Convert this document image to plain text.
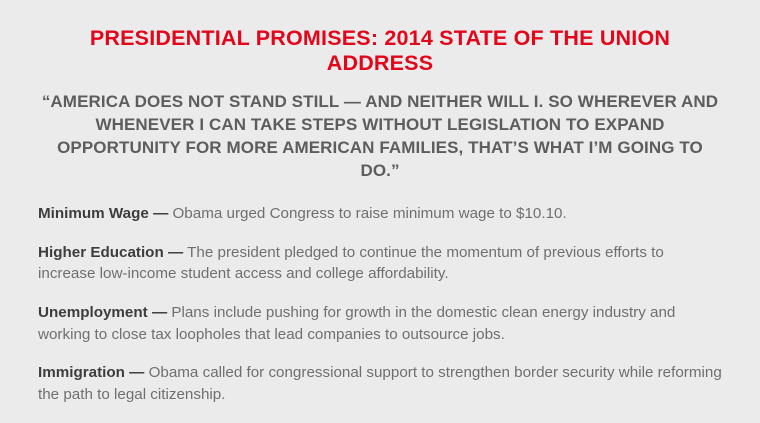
PRESIDENTIAL PROMISES: 2014 STATE OF THE UNION ADDRESS

“AMERICA DOES NOT STAND STILL — AND NEITHER WILL I. SO WHEREVER AND WHENEVER I CAN TAKE STEPS WITHOUT LEGISLATION TO EXPAND OPPORTUNITY FOR MORE AMERICAN FAMILIES, THAT’S WHAT I’M GOING TO DO.”

Minimum Wage — Obama urged Congress to raise minimum wage to $10.10.
Higher Education — The president pledged to continue the momentum of previous efforts to increase low-income student access and college affordability.
Unemployment — Plans include pushing for growth in the domestic clean energy industry and working to close tax loopholes that lead companies to outsource jobs.
Immigration — Obama called for congressional support to strengthen border security while reforming the path to legal citizenship.
